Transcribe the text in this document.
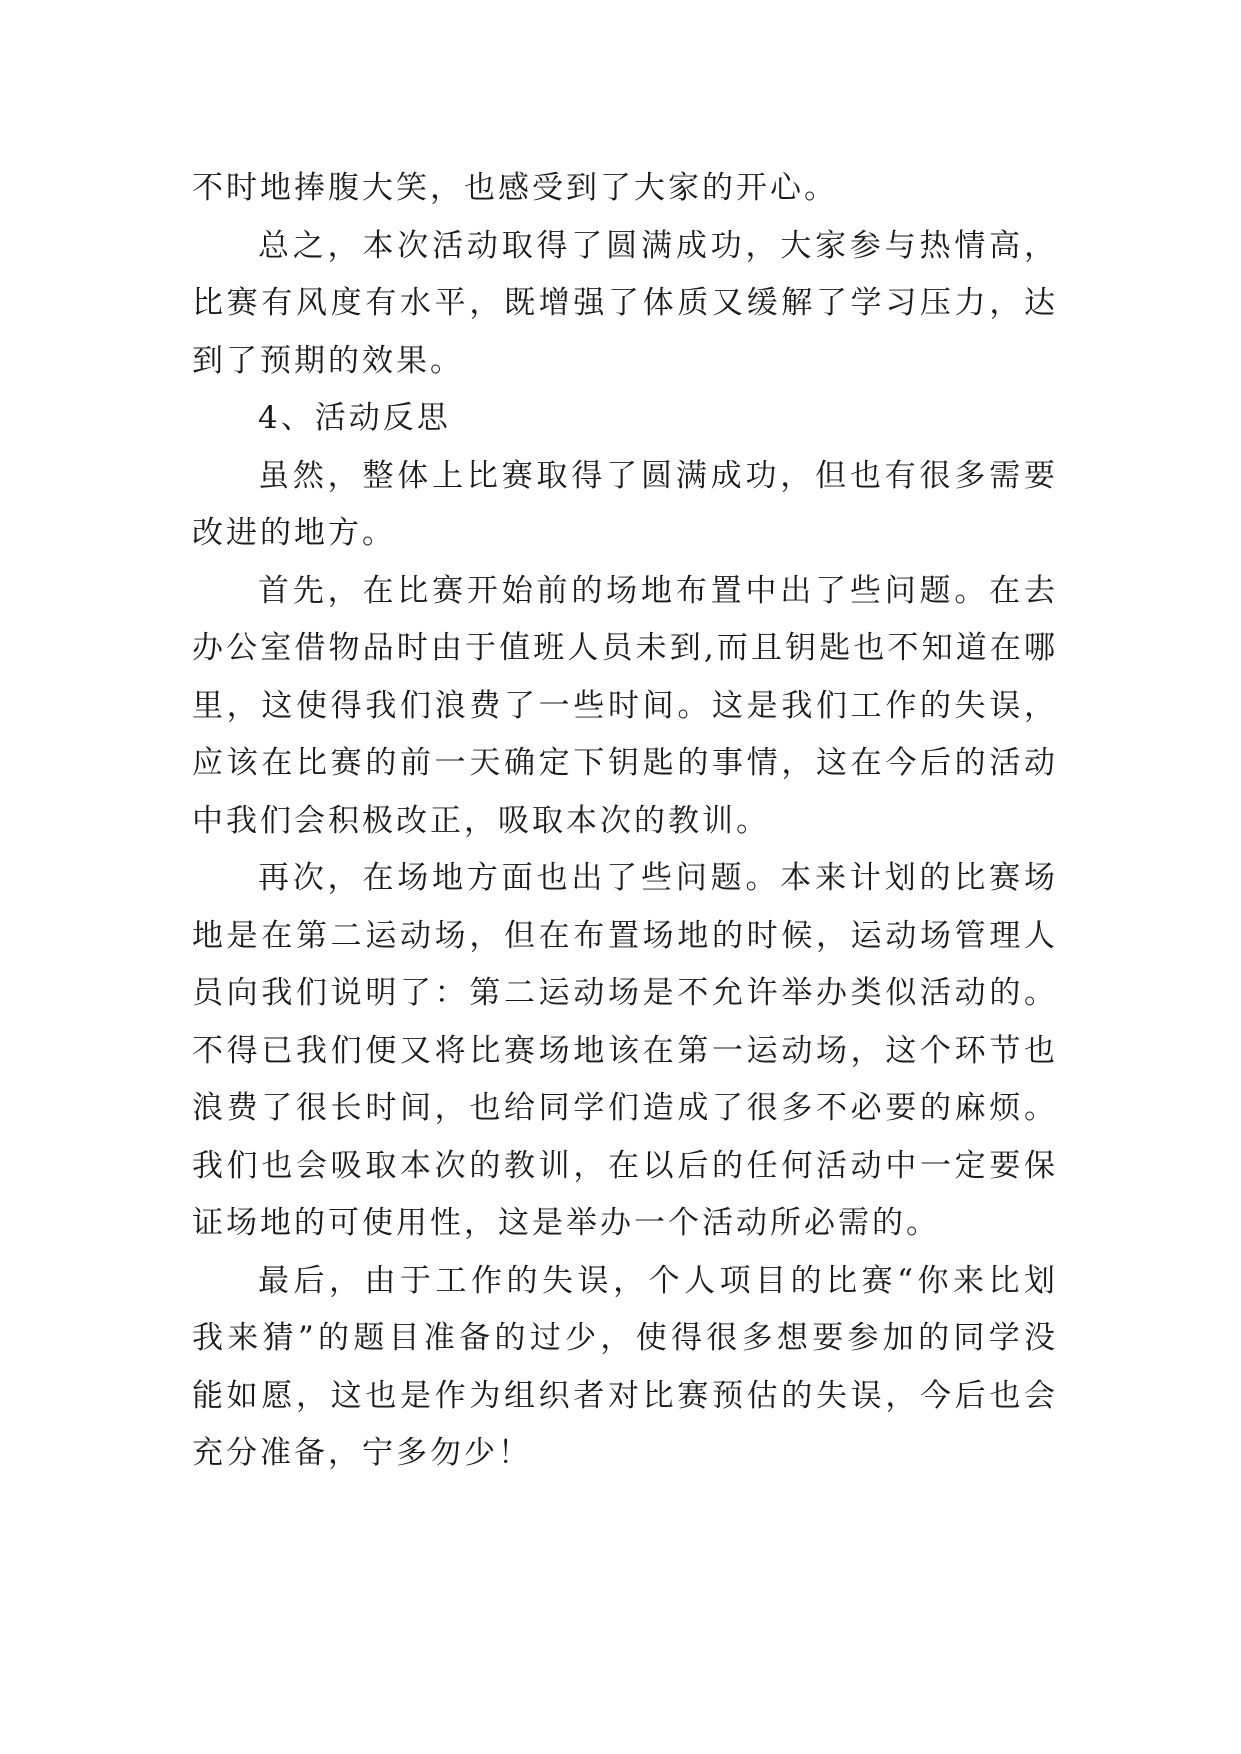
不时地捧腹大笑，也感受到了大家的开心。

总之，本次活动取得了圆满成功，大家参与热情高，比赛有风度有水平，既增强了体质又缓解了学习压力，达到了预期的效果。

4、活动反思

虽然，整体上比赛取得了圆满成功，但也有很多需要改进的地方。

首先，在比赛开始前的场地布置中出了些问题。在去办公室借物品时由于值班人员未到,而且钥匙也不知道在哪里，这使得我们浪费了一些时间。这是我们工作的失误，应该在比赛的前一天确定下钥匙的事情，这在今后的活动中我们会积极改正，吸取本次的教训。

再次，在场地方面也出了些问题。本来计划的比赛场地是在第二运动场，但在布置场地的时候，运动场管理人员向我们说明了：第二运动场是不允许举办类似活动的。不得已我们便又将比赛场地该在第一运动场，这个环节也浪费了很长时间，也给同学们造成了很多不必要的麻烦。我们也会吸取本次的教训，在以后的任何活动中一定要保证场地的可使用性，这是举办一个活动所必需的。

最后，由于工作的失误，个人项目的比赛“你来比划我来猜”的题目准备的过少，使得很多想要参加的同学没能如愿，这也是作为组织者对比赛预估的失误，今后也会充分准备，宁多勿少！
